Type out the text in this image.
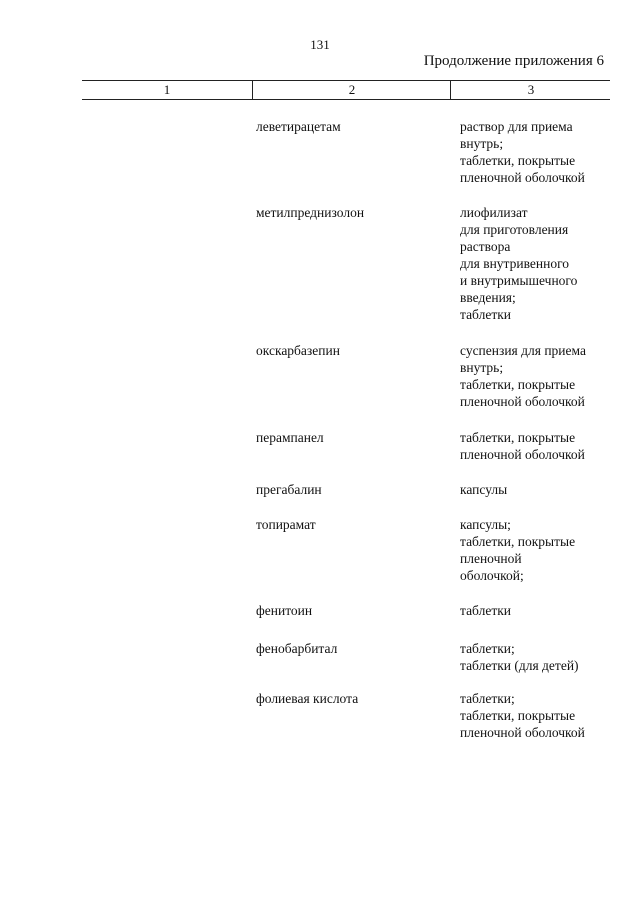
131
Продолжение приложения 6
1	2	3
леветирацетам	раствор для приема
внутрь;
таблетки, покрытые
пленочной оболочкой
метилпреднизолон	лиофилизат
для приготовления
раствора
для внутривенного
и внутримышечного
введения;
таблетки
окскарбазепин	суспензия для приема
внутрь;
таблетки, покрытые
пленочной оболочкой
перампанел	таблетки, покрытые
пленочной оболочкой
прегабалин	капсулы
топирамат	капсулы;
таблетки, покрытые
пленочной
оболочкой;
фенитоин	таблетки
фенобарбитал	таблетки;
таблетки (для детей)
фолиевая кислота	таблетки;
таблетки, покрытые
пленочной оболочкой
